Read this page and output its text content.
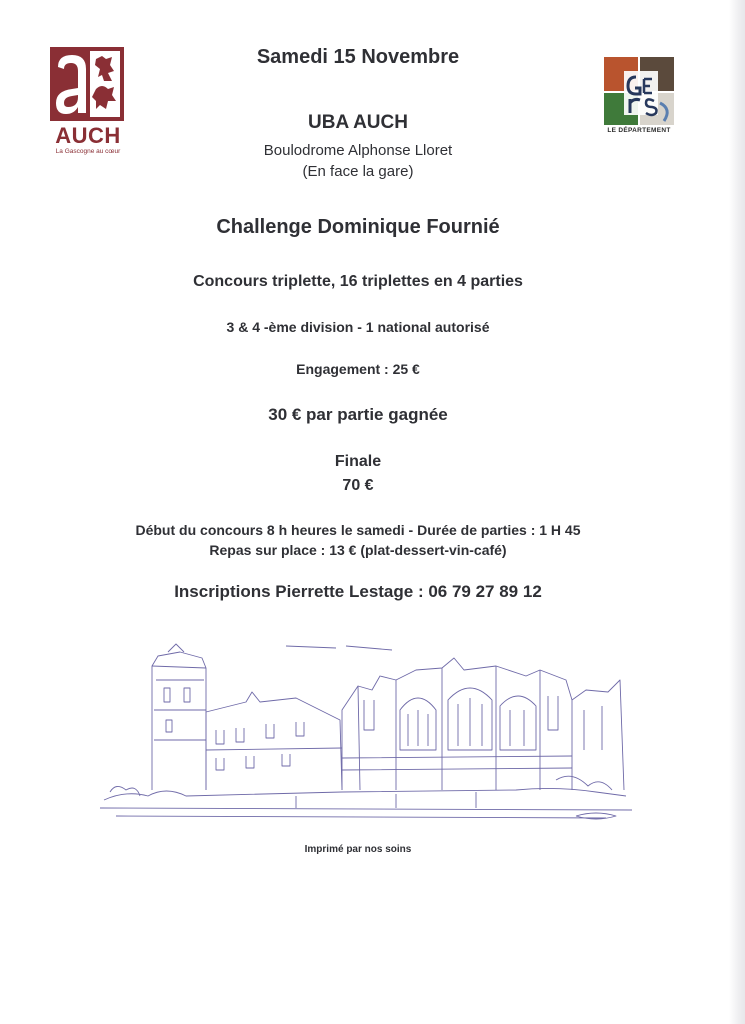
AUCH
La Gascogne au cœur
LE DÉPARTEMENT
Samedi 15 Novembre
UBA AUCH
Boulodrome Alphonse Lloret
(En face la gare)
Challenge Dominique Fournié
Concours triplette, 16 triplettes en 4 parties
3 & 4 -ème division - 1 national autorisé
Engagement : 25 €
30 € par partie gagnée
Finale
70 €
Début du concours 8 h heures le samedi - Durée de parties : 1 H 45
Repas sur place : 13 € (plat-dessert-vin-café)
Inscriptions Pierrette Lestage : 06 79 27 89 12
Imprimé par nos soins
